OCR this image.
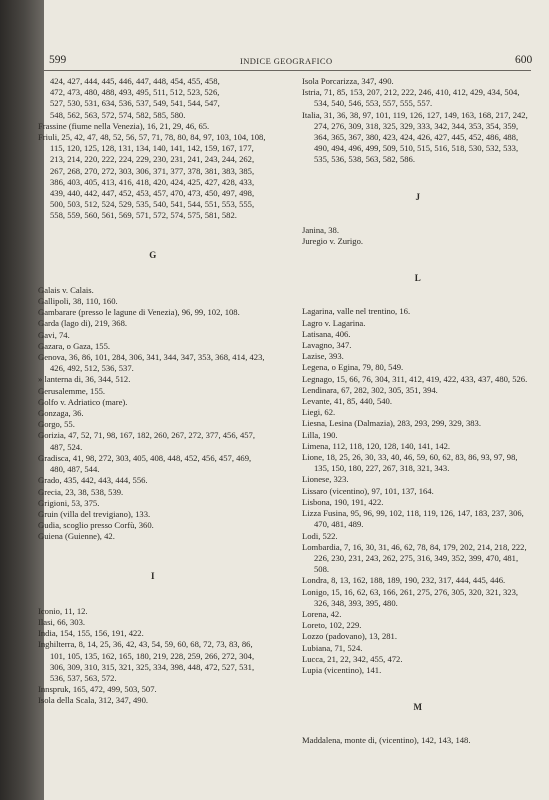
599	INDICE GEOGRAFICO	600
424, 427, 444, 445, 446, 447, 448, 454, 455, 458,
472, 473, 480, 488, 493, 495, 511, 512, 523, 526,
527, 530, 531, 634, 536, 537, 549, 541, 544, 547,
548, 562, 563, 572, 574, 582, 585, 580.

Frassine (fiume nella Venezia), 16, 21, 29, 46, 65.

Friuli, 25, 42, 47, 48, 52, 56, 57, 71, 78, 80, 84, 97, 103, 104, 108, 115, 120, 125, 128, 131, 134, 140, 141, 142, 159, 167, 177, 213, 214, 220, 222, 224, 229, 230, 231, 241, 243, 244, 262, 267, 268, 270, 272, 303, 306, 371, 377, 378, 381, 383, 385, 386, 403, 405, 413, 416, 418, 420, 424, 425, 427, 428, 433, 439, 440, 442, 447, 452, 453, 457, 470, 473, 450, 497, 498, 500, 503, 512, 524, 529, 535, 540, 541, 544, 551, 553, 555, 558, 559, 560, 561, 569, 571, 572, 574, 575, 581, 582.

G

Galais v. Calais.

Gallipoli, 38, 110, 160.

Gambarare (presso le lagune di Venezia), 96, 99, 102, 108.

Garda (lago di), 219, 368.

Gavi, 74.

Gazara, o Gaza, 155.

Genova, 36, 86, 101, 284, 306, 341, 344, 347, 353, 368, 414, 423, 426, 492, 512, 536, 537.

» lanterna di, 36, 344, 512.

Gerusalemme, 155.

Golfo v. Adriatico (mare).

Gonzaga, 36.

Gorgo, 55.

Gorizia, 47, 52, 71, 98, 167, 182, 260, 267, 272, 377, 456, 457, 487, 524.

Gradisca, 41, 98, 272, 303, 405, 408, 448, 452, 456, 457, 469, 480, 487, 544.

Grado, 435, 442, 443, 444, 556.

Grecia, 23, 38, 538, 539.

Grigioni, 53, 375.

Gruin (villa del trevigiano), 133.

Gudia, scoglio presso Corfù, 360.

Guiena (Guienne), 42.

I

Iconio, 11, 12.

Ilasi, 66, 303.

India, 154, 155, 156, 191, 422.

Inghilterra, 8, 14, 25, 36, 42, 43, 54, 59, 60, 68, 72, 73, 83, 86, 101, 105, 135, 162, 165, 180, 219, 228, 259, 266, 272, 304, 306, 309, 310, 315, 321, 325, 334, 398, 448, 472, 527, 531, 536, 537, 563, 572.

Innspruk, 165, 472, 499, 503, 507.

Isola della Scala, 312, 347, 490.

Isola Porcarizza, 347, 490.

Istria, 71, 85, 153, 207, 212, 222, 246, 410, 412, 429, 434, 504, 534, 540, 546, 553, 557, 555, 557.

Italia, 31, 36, 38, 97, 101, 119, 126, 127, 149, 163, 168, 217, 242, 274, 276, 309, 318, 325, 329, 333, 342, 344, 353, 354, 359, 364, 365, 367, 380, 423, 424, 426, 427, 445, 452, 486, 488, 490, 494, 496, 499, 509, 510, 515, 516, 518, 530, 532, 533, 535, 536, 538, 563, 582, 586.

J

Janina, 38.

Juregio v. Zurigo.

L

Lagarina, valle nel trentino, 16.

Lagro v. Lagarina.

Latisana, 406.

Lavagno, 347.

Lazise, 393.

Legena, o Egina, 79, 80, 549.

Legnago, 15, 66, 76, 304, 311, 412, 419, 422, 433, 437, 480, 526.

Lendinara, 67, 282, 302, 305, 351, 394.

Levante, 41, 85, 440, 540.

Liegi, 62.

Liesna, Lesina (Dalmazia), 283, 293, 299, 329, 383.

Lilla, 190.

Limena, 112, 118, 120, 128, 140, 141, 142.

Lione, 18, 25, 26, 30, 33, 40, 46, 59, 60, 62, 83, 86, 93, 97, 98, 135, 150, 180, 227, 267, 318, 321, 343.

Lionese, 323.

Lissaro (vicentino), 97, 101, 137, 164.

Lisbona, 190, 191, 422.

Lizza Fusina, 95, 96, 99, 102, 118, 119, 126, 147, 183, 237, 306, 470, 481, 489.

Lodi, 522.

Lombardia, 7, 16, 30, 31, 46, 62, 78, 84, 179, 202, 214, 218, 222, 226, 230, 231, 243, 262, 275, 316, 349, 352, 399, 470, 481, 508.

Londra, 8, 13, 162, 188, 189, 190, 232, 317, 444, 445, 446.

Lonigo, 15, 16, 62, 63, 166, 261, 275, 276, 305, 320, 321, 323, 326, 348, 393, 395, 480.

Lorena, 42.

Loreto, 102, 229.

Lozzo (padovano), 13, 281.

Lubiana, 71, 524.

Lucca, 21, 22, 342, 455, 472.

Lupia (vicentino), 141.

M

Maddalena, monte di, (vicentino), 142, 143, 148.
